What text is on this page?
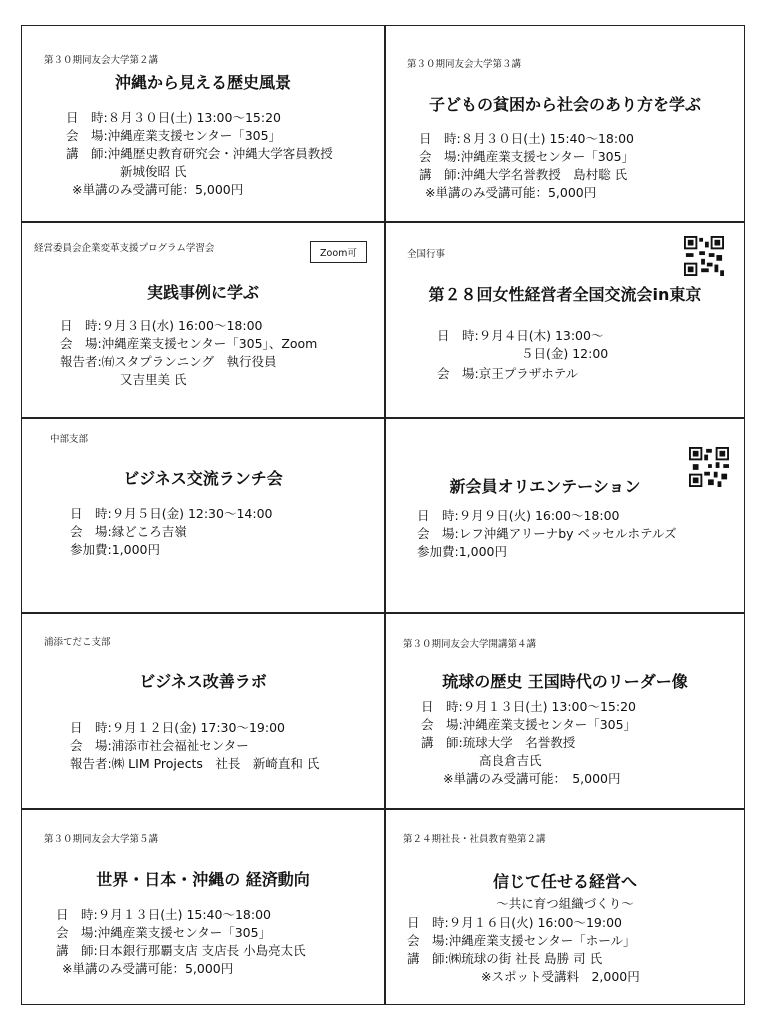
第３０期同友会大学第２講
沖縄から見える歴史風景
日　時:８月３０日(土) 13:00〜15:20
会　場:沖縄産業支援センター「305」
講　師:沖縄歴史教育研究会・沖縄大学客員教授
新城俊昭 氏
※単講のみ受講可能：5,000円
第３０期同友会大学第３講
子どもの貧困から社会のあり方を学ぶ
日　時:８月３０日(土) 15:40〜18:00
会　場:沖縄産業支援センター「305」
講　師:沖縄大学名誉教授　島村聡 氏
※単講のみ受講可能：5,000円
経営委員会企業変革支援プログラム学習会	Zoom可
実践事例に学ぶ
日　時:９月３日(水) 16:00〜18:00
会　場:沖縄産業支援センター「305」、Zoom
報告者:㈲スタプランニング　執行役員
又吉里美 氏
全国行事
第２８回女性経営者全国交流会in東京
日　時:９月４日(木) 13:00〜
５日(金) 12:00
会　場:京王プラザホテル
中部支部
ビジネス交流ランチ会
日　時:９月５日(金) 12:30〜14:00
会　場:縁どころ吉嶺
参加費:1,000円
新会員オリエンテーション
日　時:９月９日(火) 16:00〜18:00
会　場:レフ沖縄アリーナby ベッセルホテルズ
参加費:1,000円
浦添てだこ支部
ビジネス改善ラボ
日　時:９月１２日(金) 17:30〜19:00
会　場:浦添市社会福祉センター
報告者:㈱ LIM Projects　社長　新崎直和 氏
第３０期同友会大学開講第４講
琉球の歴史 王国時代のリーダー像
日　時:９月１３日(土) 13:00〜15:20
会　場:沖縄産業支援センター「305」
講　師:琉球大学　名誉教授
高良倉吉氏
※単講のみ受講可能：　5,000円
第３０期同友会大学第５講
世界・日本・沖縄の 経済動向
日　時:９月１３日(土) 15:40〜18:00
会　場:沖縄産業支援センター「305」
講　師:日本銀行那覇支店 支店長 小島亮太氏
※単講のみ受講可能：5,000円
第２４期社長・社員教育塾第２講
信じて任せる経営へ
〜共に育つ組織づくり〜
日　時:９月１６日(火) 16:00〜19:00
会　場:沖縄産業支援センター「ホール」
講　師:㈱琉球の街 社長 島勝 司 氏
※スポット受講料　2,000円
